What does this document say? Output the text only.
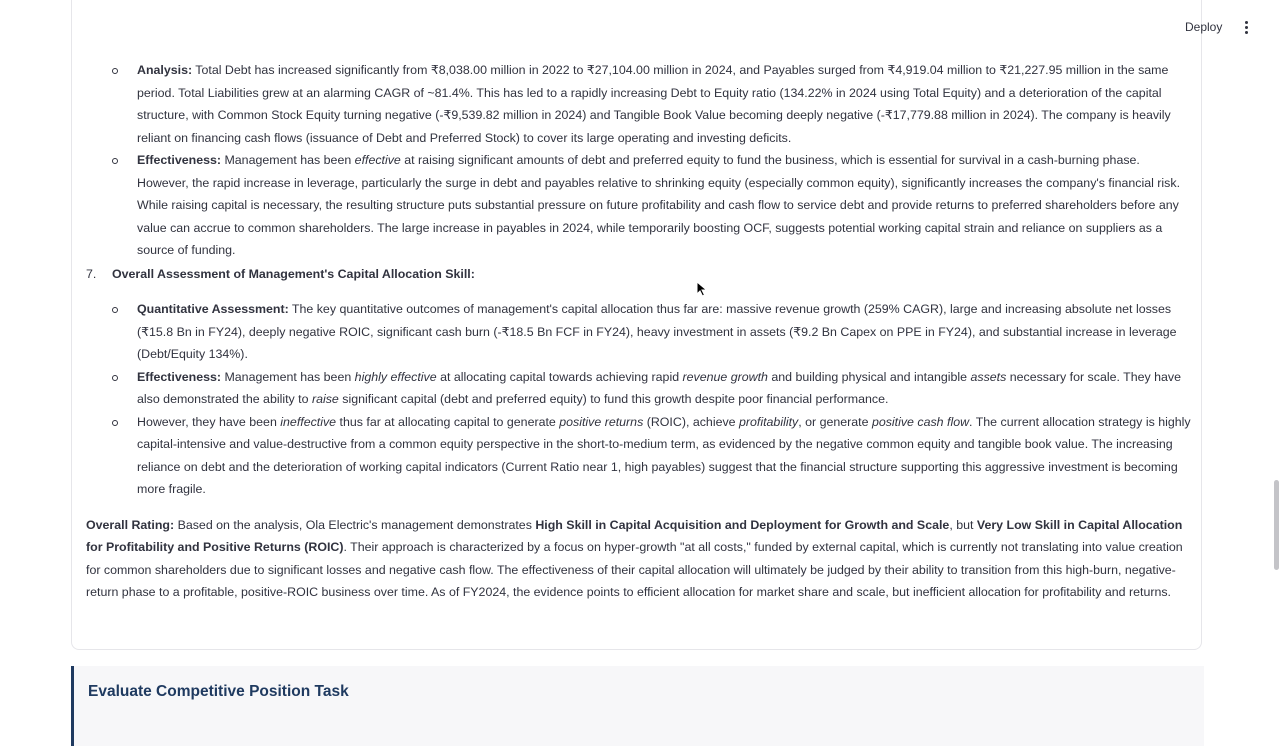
Deploy
Analysis: Total Debt has increased significantly from ₹8,038.00 million in 2022 to ₹27,104.00 million in 2024, and Payables surged from ₹4,919.04 million to ₹21,227.95 million in the same period. Total Liabilities grew at an alarming CAGR of ~81.4%. This has led to a rapidly increasing Debt to Equity ratio (134.22% in 2024 using Total Equity) and a deterioration of the capital structure, with Common Stock Equity turning negative (-₹9,539.82 million in 2024) and Tangible Book Value becoming deeply negative (-₹17,779.88 million in 2024). The company is heavily reliant on financing cash flows (issuance of Debt and Preferred Stock) to cover its large operating and investing deficits.
Effectiveness: Management has been effective at raising significant amounts of debt and preferred equity to fund the business, which is essential for survival in a cash-burning phase. However, the rapid increase in leverage, particularly the surge in debt and payables relative to shrinking equity (especially common equity), significantly increases the company's financial risk. While raising capital is necessary, the resulting structure puts substantial pressure on future profitability and cash flow to service debt and provide returns to preferred shareholders before any value can accrue to common shareholders. The large increase in payables in 2024, while temporarily boosting OCF, suggests potential working capital strain and reliance on suppliers as a source of funding.
7. Overall Assessment of Management's Capital Allocation Skill:
Quantitative Assessment: The key quantitative outcomes of management's capital allocation thus far are: massive revenue growth (259% CAGR), large and increasing absolute net losses (₹15.8 Bn in FY24), deeply negative ROIC, significant cash burn (-₹18.5 Bn FCF in FY24), heavy investment in assets (₹9.2 Bn Capex on PPE in FY24), and substantial increase in leverage (Debt/Equity 134%).
Effectiveness: Management has been highly effective at allocating capital towards achieving rapid revenue growth and building physical and intangible assets necessary for scale. They have also demonstrated the ability to raise significant capital (debt and preferred equity) to fund this growth despite poor financial performance.
However, they have been ineffective thus far at allocating capital to generate positive returns (ROIC), achieve profitability, or generate positive cash flow. The current allocation strategy is highly capital-intensive and value-destructive from a common equity perspective in the short-to-medium term, as evidenced by the negative common equity and tangible book value. The increasing reliance on debt and the deterioration of working capital indicators (Current Ratio near 1, high payables) suggest that the financial structure supporting this aggressive investment is becoming more fragile.

Overall Rating: Based on the analysis, Ola Electric's management demonstrates High Skill in Capital Acquisition and Deployment for Growth and Scale, but Very Low Skill in Capital Allocation for Profitability and Positive Returns (ROIC). Their approach is characterized by a focus on hyper-growth "at all costs," funded by external capital, which is currently not translating into value creation for common shareholders due to significant losses and negative cash flow. The effectiveness of their capital allocation will ultimately be judged by their ability to transition from this high-burn, negative-return phase to a profitable, positive-ROIC business over time. As of FY2024, the evidence points to efficient allocation for market share and scale, but inefficient allocation for profitability and returns.

Evaluate Competitive Position Task
